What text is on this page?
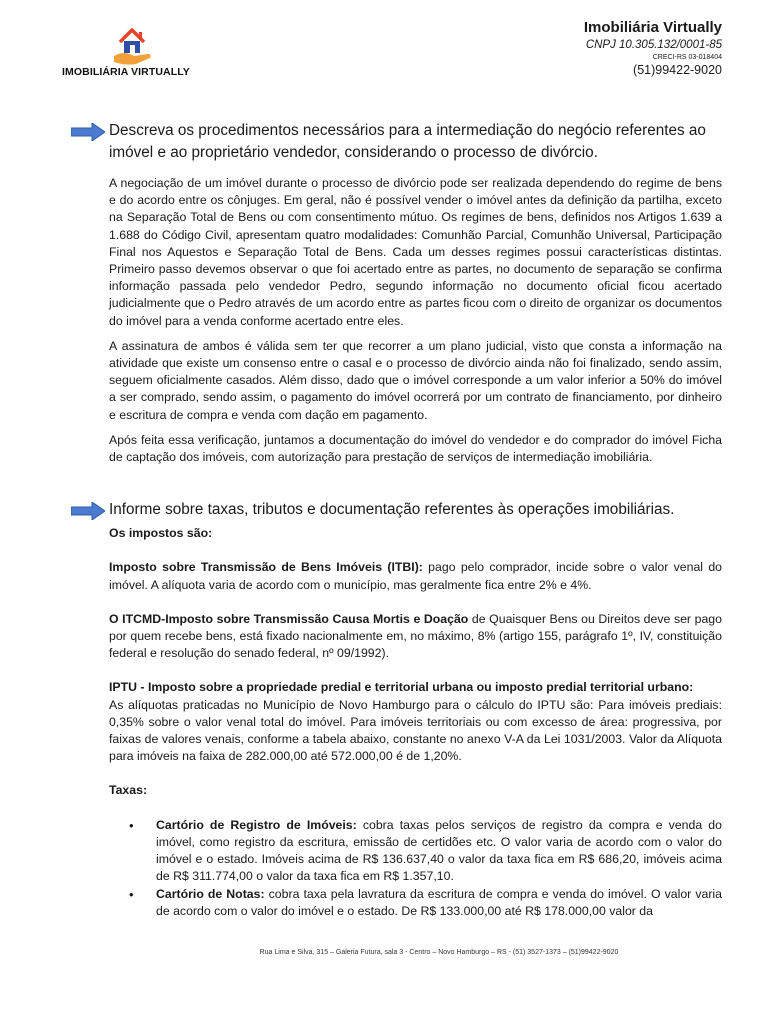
IMOBILIÁRIA VIRTUALLY
Imobiliária Virtually
CNPJ 10.305.132/0001-85
CRECI-RS 03-018404
(51)99422-9020
Descreva os procedimentos necessários para a intermediação do negócio referentes ao imóvel e ao proprietário vendedor, considerando o processo de divórcio.

A negociação de um imóvel durante o processo de divórcio pode ser realizada dependendo do regime de bens e do acordo entre os cônjuges. Em geral, não é possível vender o imóvel antes da definição da partilha, exceto na Separação Total de Bens ou com consentimento mútuo. Os regimes de bens, definidos nos Artigos 1.639 a 1.688 do Código Civil, apresentam quatro modalidades: Comunhão Parcial, Comunhão Universal, Participação Final nos Aquestos e Separação Total de Bens. Cada um desses regimes possui características distintas. Primeiro passo devemos observar o que foi acertado entre as partes, no documento de separação se confirma informação passada pelo vendedor Pedro, segundo informação no documento oficial ficou acertado judicialmente que o Pedro através de um acordo entre as partes ficou com o direito de organizar os documentos do imóvel para a venda conforme acertado entre eles.

A assinatura de ambos é válida sem ter que recorrer a um plano judicial, visto que consta a informação na atividade que existe um consenso entre o casal e o processo de divórcio ainda não foi finalizado, sendo assim, seguem oficialmente casados. Além disso, dado que o imóvel corresponde a um valor inferior a 50% do imóvel a ser comprado, sendo assim, o pagamento do imóvel ocorrerá por um contrato de financiamento, por dinheiro e escritura de compra e venda com dação em pagamento.

Após feita essa verificação, juntamos a documentação do imóvel do vendedor e do comprador do imóvel Ficha de captação dos imóveis, com autorização para prestação de serviços de intermediação imobiliária.

Informe sobre taxas, tributos e documentação referentes às operações imobiliárias.

Os impostos são:

Imposto sobre Transmissão de Bens Imóveis (ITBI): pago pelo comprador, incide sobre o valor venal do imóvel. A alíquota varia de acordo com o município, mas geralmente fica entre 2% e 4%.

O ITCMD-Imposto sobre Transmissão Causa Mortis e Doação de Quaisquer Bens ou Direitos deve ser pago por quem recebe bens, está fixado nacionalmente em, no máximo, 8% (artigo 155, parágrafo 1º, IV, constituição federal e resolução do senado federal, nº 09/1992).

IPTU - Imposto sobre a propriedade predial e territorial urbana ou imposto predial territorial urbano:

As alíquotas praticadas no Município de Novo Hamburgo para o cálculo do IPTU são: Para imóveis prediais: 0,35% sobre o valor venal total do imóvel. Para imóveis territoriais ou com excesso de área: progressiva, por faixas de valores venais, conforme a tabela abaixo, constante no anexo V-A da Lei 1031/2003. Valor da Alíquota para imóveis na faixa de 282.000,00 até 572.000,00 é de 1,20%.

Taxas:

• Cartório de Registro de Imóveis: cobra taxas pelos serviços de registro da compra e venda do imóvel, como registro da escritura, emissão de certidões etc. O valor varia de acordo com o valor do imóvel e o estado. Imóveis acima de R$ 136.637,40 o valor da taxa fica em R$ 686,20, imóveis acima de R$ 311.774,00 o valor da taxa fica em R$ 1.357,10.
• Cartório de Notas: cobra taxa pela lavratura da escritura de compra e venda do imóvel. O valor varia de acordo com o valor do imóvel e o estado. De R$ 133.000,00 até R$ 178.000,00 valor da
Rua Lima e Silva, 315 – Galeria Futura, sala 3 - Centro – Novo Hamburgo – RS - (51) 3527-1373 – (51)99422-9020
